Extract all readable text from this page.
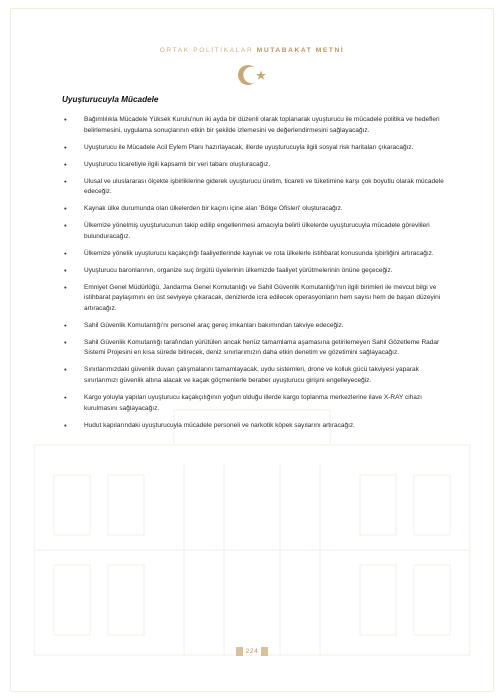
ORTAK POLİTİKALAR MUTABAKAT METNİ
Uyuşturucuyla Mücadele
•	Bağımlılıkla Mücadele Yüksek Kurulu'nun iki ayda bir düzenli olarak toplanarak uyuşturucu ile mücadele politika ve hedefleri belirlemesini, uygulama sonuçlarının etkin bir şekilde izlemesini ve değerlendirmesini sağlayacağız.
•	Uyuşturucu ile Mücadele Acil Eylem Planı hazırlayacak, illerde uyuşturucuyla ilgili sosyal risk haritaları çıkaracağız.
•	Uyuşturucu ticaretiyle ilgili kapsamlı bir veri tabanı oluşturacağız.
•	Ulusal ve uluslararası ölçekte işbirliklerine giderek uyuşturucu üretim, ticareti ve tüketimine karşı çok boyutlu olarak mücadele edeceğiz.
•	Kaynak ülke durumunda olan ülkelerden bir kaçını içine alan 'Bölge Ofisleri' oluşturacağız.
•	Ülkemize yönelmiş uyuşturucunun takip edilip engellenmesi amacıyla belirli ülkelerde uyuşturucuyla mücadele görevlileri bulunduracağız.
•	Ülkemize yönelik uyuşturucu kaçakçılığı faaliyetlerinde kaynak ve rota ülkelerle istihbarat konusunda işbirliğini artıracağız.
•	Uyuşturucu baronlarının, organize suç örgütü üyelerinin ülkemizde faaliyet yürütmelerinin önüne geçeceğiz.
•	Emniyet Genel Müdürlüğü, Jandarma Genel Komutanlığı ve Sahil Güvenlik Komutanlığı'nın ilgili birimleri ile mevcut bilgi ve istihbarat paylaşımını en üst seviyeye çıkaracak, denizlerde icra edilecek operasyonların hem sayısı hem de başarı düzeyini artıracağız.
•	Sahil Güvenlik Komutanlığı'nı personel araç gereç imkanları bakımından takviye edeceğiz.
•	Sahil Güvenlik Komutanlığı tarafından yürütülen ancak henüz tamamlama aşamasına getirilemeyen Sahil Gözetleme Radar Sistemi Projesini en kısa sürede bitirecek, deniz sınırlarımızın daha etkin denetim ve gözetimini sağlayacağız.
•	Sınırlarımızdaki güvenlik duvarı çalışmalarını tamamlayacak, uydu sistemleri, drone ve kolluk gücü takviyesi yaparak sınırlarımızı güvenlik altına alacak ve kaçak göçmenlerle beraber uyuşturucu girişini engelleyeceğiz.
•	Kargo yoluyla yapılan uyuşturucu kaçakçılığının yoğun olduğu illerde kargo toplanma merkezlerine ilave X-RAY cihazı kurulmasını sağlayacağız.
•	Hudut kapılarındaki uyuşturucuyla mücadele personeli ve narkotik köpek sayılarını artıracağız.
224
